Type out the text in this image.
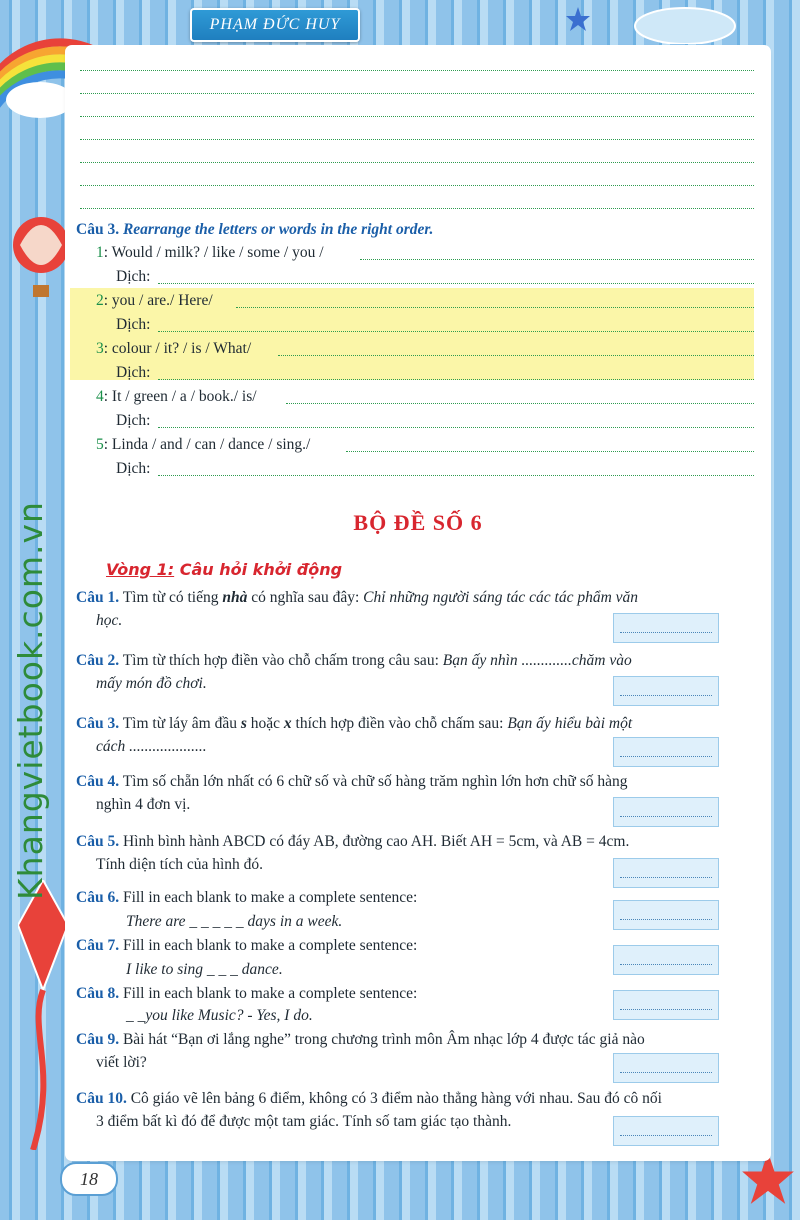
PHẠM ĐỨC HUY
Khangvietbook.com.vn
Câu 3. Rearrange the letters or words in the right order.
1: Would / milk? / like / some / you /
Dịch:
2: you / are./ Here/
Dịch:
3: colour / it? / is / What/
Dịch:
4: It / green / a / book./ is/
Dịch:
5: Linda / and / can / dance / sing./
Dịch:
BỘ ĐỀ SỐ 6
Vòng 1: Câu hỏi khởi động
Câu 1. Tìm từ có tiếng nhà có nghĩa sau đây: Chỉ những người sáng tác các tác phẩm văn
học.
Câu 2. Tìm từ thích hợp điền vào chỗ chấm trong câu sau: Bạn ấy nhìn .............chăm vào
mấy món đồ chơi.
Câu 3. Tìm từ láy âm đầu s hoặc x thích hợp điền vào chỗ chấm sau: Bạn ấy hiểu bài một
cách ....................
Câu 4. Tìm số chẵn lớn nhất có 6 chữ số và chữ số hàng trăm nghìn lớn hơn chữ số hàng
nghìn 4 đơn vị.
Câu 5. Hình bình hành ABCD có đáy AB, đường cao AH. Biết AH = 5cm, và AB = 4cm.
Tính diện tích của hình đó.
Câu 6. Fill in each blank to make a complete sentence:
There are _ _ _ _ _ days in a week.
Câu 7. Fill in each blank to make a complete sentence:
I like to sing _ _ _ dance.
Câu 8. Fill in each blank to make a complete sentence:
_ _you like Music? - Yes, I do.
Câu 9. Bài hát “Bạn ơi lắng nghe” trong chương trình môn Âm nhạc lớp 4 được tác giả nào
viết lời?
Câu 10. Cô giáo vẽ lên bảng 6 điểm, không có 3 điểm nào thẳng hàng với nhau. Sau đó cô nối
3 điểm bất kì đó để được một tam giác. Tính số tam giác tạo thành.
18
